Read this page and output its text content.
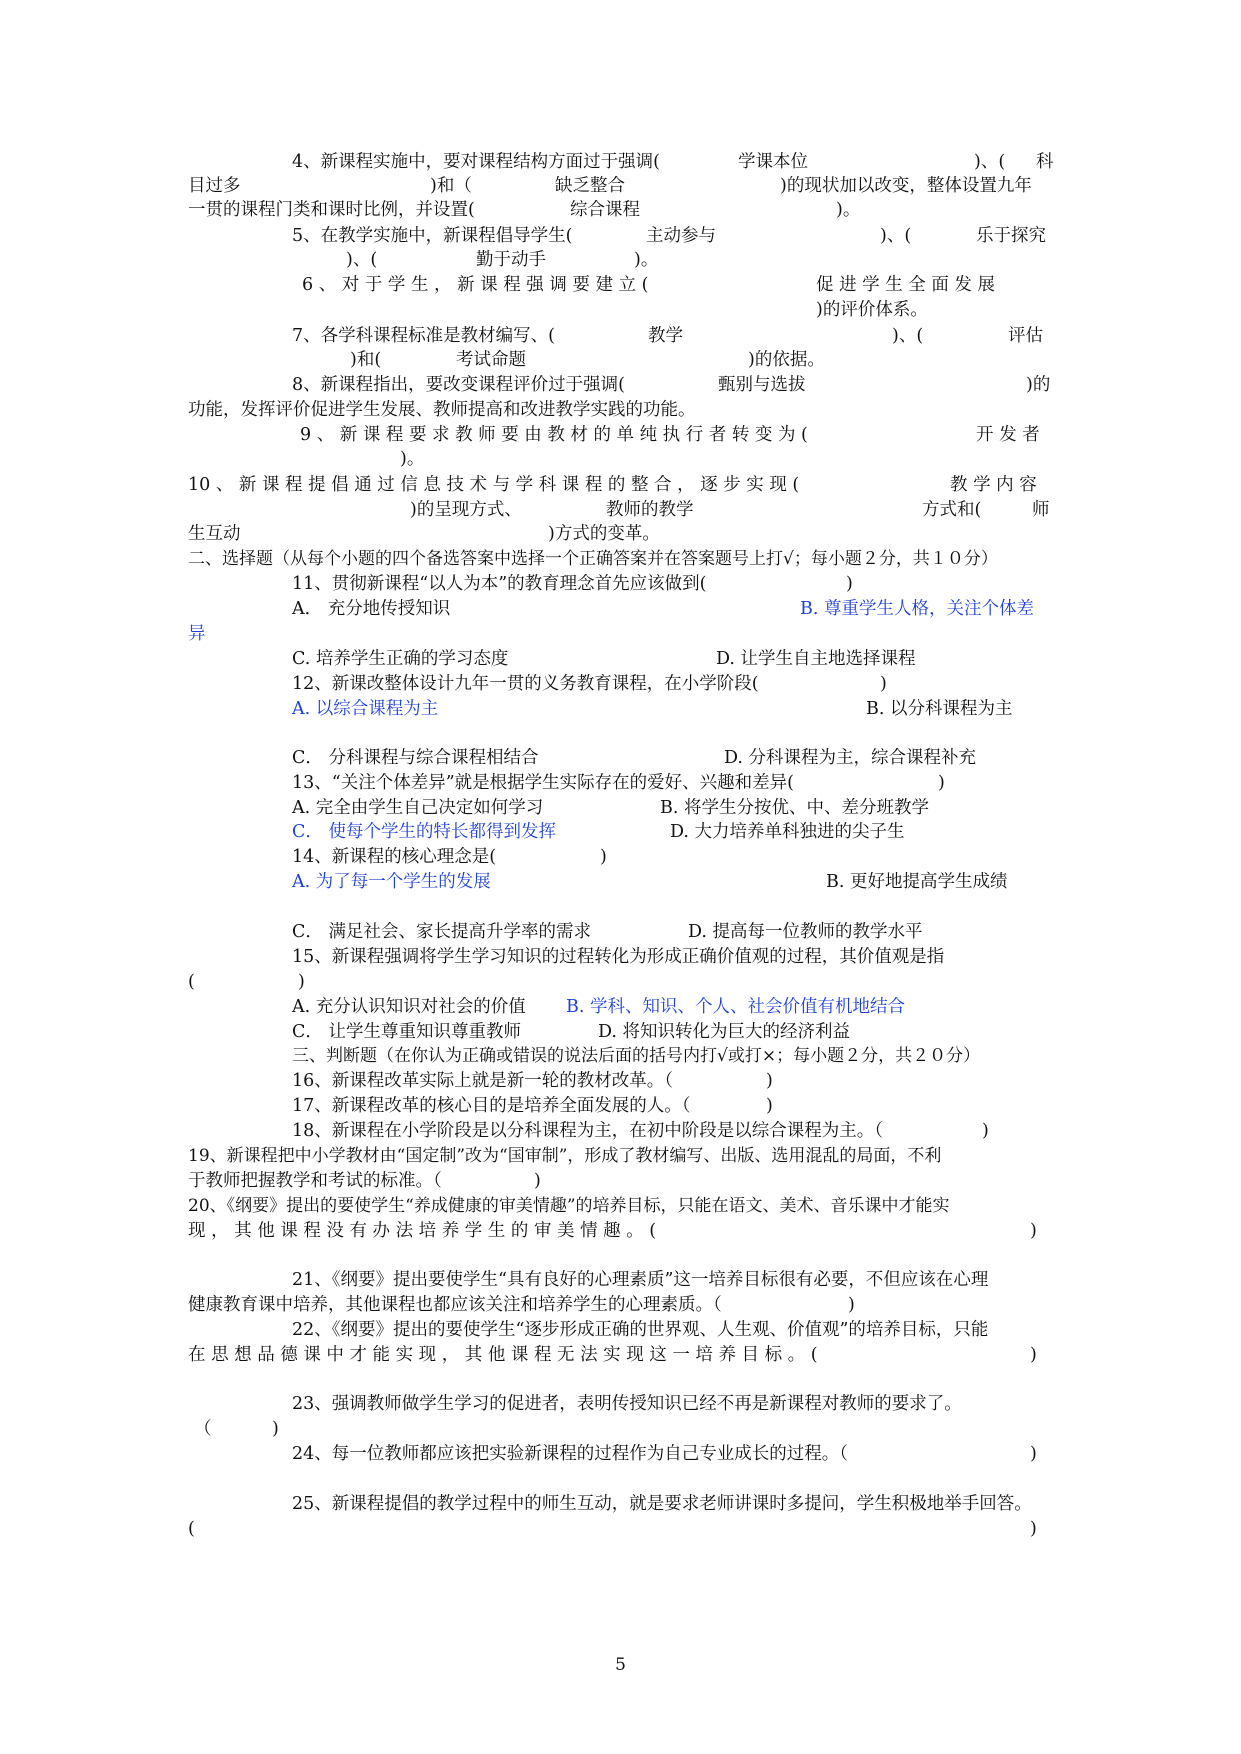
4、新课程实施中，要对课程结构方面过于强调(	学课本位	)、( 科
目过多	)和（	缺乏整合	)的现状加以改变，整体设置九年
一贯的课程门类和课时比例，并设置(	综合课程	)。
5、在教学实施中，新课程倡导学生(	主动参与	)、(	乐于探究
)、(	勤于动手	)。
6 、 对 于 学 生 ， 新 课 程 强 调 要 建 立 (	促 进 学 生 全 面 发 展
)的评价体系。
7、各学科课程标准是教材编写、(	教学	)、(	评估
)和(	考试命题	)的依据。
8、新课程指出，要改变课程评价过于强调(	甄别与选拔	)的
功能，发挥评价促进学生发展、教师提高和改进教学实践的功能。
9 、 新 课 程 要 求 教 师 要 由 教 材 的 单 纯 执 行 者 转 变 为 (	开 发 者
)。
10 、 新 课 程 提 倡 通 过 信 息 技 术 与 学 科 课 程 的 整 合 ， 逐 步 实 现 (	教 学 内 容
)的呈现方式、	教师的教学	方式和(	师
生互动	)方式的变革。
二、选择题（从每个小题的四个备选答案中选择一个正确答案并在答案题号上打√；每小题２分，共１０分）
11、贯彻新课程“以人为本”的教育理念首先应该做到(	)
A． 充分地传授知识	B. 尊重学生人格，关注个体差
异
C. 培养学生正确的学习态度	D. 让学生自主地选择课程
12、新课改整体设计九年一贯的义务教育课程，在小学阶段(	)
A. 以综合课程为主	B. 以分科课程为主
C． 分科课程与综合课程相结合	D. 分科课程为主，综合课程补充
13、“关注个体差异”就是根据学生实际存在的爱好、兴趣和差异(	)
A. 完全由学生自己决定如何学习	B. 将学生分按优、中、差分班教学
C． 使每个学生的特长都得到发挥	D. 大力培养单科独进的尖子生
14、新课程的核心理念是(	)
A. 为了每一个学生的发展	B. 更好地提高学生成绩
C． 满足社会、家长提高升学率的需求	D. 提高每一位教师的教学水平
15、新课程强调将学生学习知识的过程转化为形成正确价值观的过程，其价值观是指
(	)
A. 充分认识知识对社会的价值 B. 学科、知识、个人、社会价值有机地结合
C． 让学生尊重知识尊重教师	D. 将知识转化为巨大的经济利益
三、判断题（在你认为正确或错误的说法后面的括号内打√或打×；每小题２分，共２０分）
16、新课程改革实际上就是新一轮的教材改革。（	)
17、新课程改革的核心目的是培养全面发展的人。（	)
18、新课程在小学阶段是以分科课程为主，在初中阶段是以综合课程为主。（	)
19、新课程把中小学教材由“国定制”改为“国审制”，形成了教材编写、出版、选用混乱的局面，不利
于教师把握教学和考试的标准。（	)
20、《纲要》提出的要使学生“养成健康的审美情趣”的培养目标，只能在语文、美术、音乐课中才能实
现 ， 其 他 课 程 没 有 办 法 培 养 学 生 的 审 美 情 趣 。 (	)
21、《纲要》提出要使学生“具有良好的心理素质”这一培养目标很有必要，不但应该在心理
健康教育课中培养，其他课程也都应该关注和培养学生的心理素质。（	)
22、《纲要》提出的要使学生“逐步形成正确的世界观、人生观、价值观”的培养目标，只能
在 思 想 品 德 课 中 才 能 实 现 ， 其 他 课 程 无 法 实 现 这 一 培 养 目 标 。 (	)
23、强调教师做学生学习的促进者，表明传授知识已经不再是新课程对教师的要求了。
（	)
24、每一位教师都应该把实验新课程的过程作为自己专业成长的过程。（	)
25、新课程提倡的教学过程中的师生互动，就是要求老师讲课时多提问，学生积极地举手回答。
(	)
5
